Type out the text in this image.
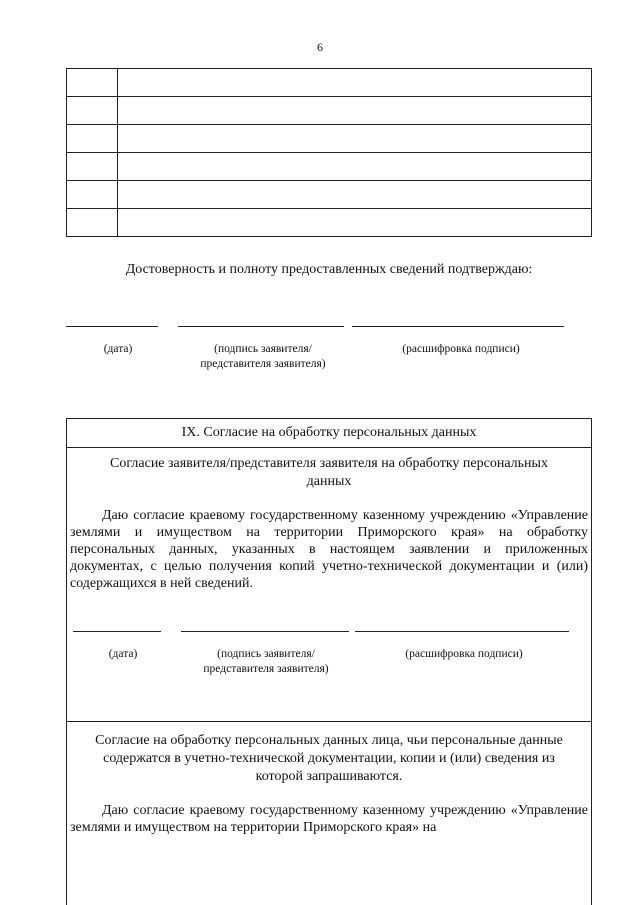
6

Достоверность и полноту предоставленных сведений подтверждаю:
(дата)	(подпись заявителя/представителя заявителя)
(расшифровка подписи)
IX. Согласие на обработку персональных данных
Согласие заявителя/представителя заявителя на обработку персональных данных

Даю согласие краевому государственному казенному учреждению «Управление землями и имуществом на территории Приморского края» на обработку персональных данных, указанных в настоящем заявлении и приложенных документах, с целью получения копий учетно-технической документации и (или) содержащихся в ней сведений.

(дата)	(подпись заявителя/представителя заявителя)
(расшифровка подписи)
Согласие на обработку персональных данных лица, чьи персональные данные содержатся в учетно-технической документации, копии и (или) сведения из которой запрашиваются.

Даю согласие краевому государственному казенному учреждению «Управление землями и имуществом на территории Приморского края» на
